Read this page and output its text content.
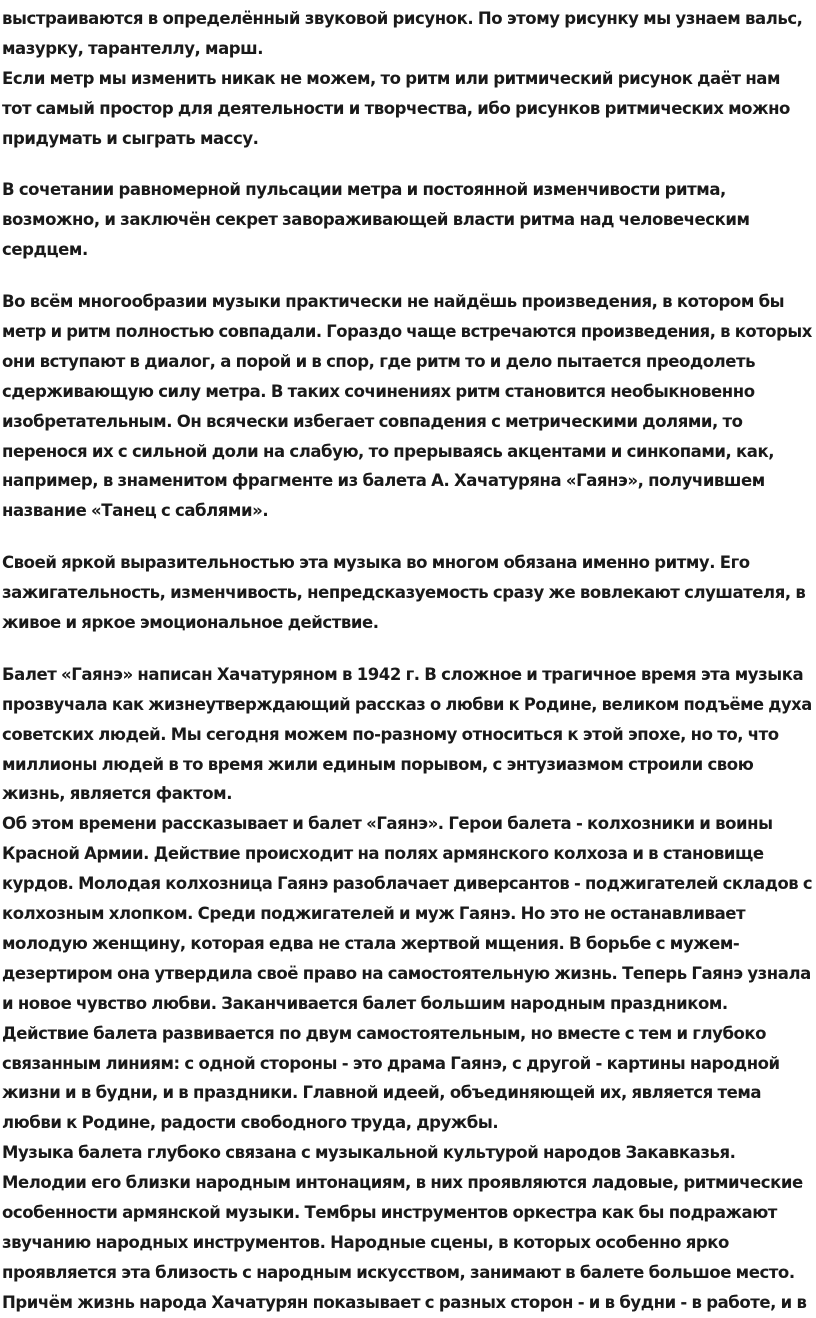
выстраиваются в определённый звуковой рисунок. По этому рисунку мы узнаем вальс,
мазурку, тарантеллу, марш.
Если метр мы изменить никак не можем, то ритм или ритмический рисунок даёт нам
тот самый простор для деятельности и творчества, ибо рисунков ритмических можно
придумать и сыграть массу.
В сочетании равномерной пульсации метра и постоянной изменчивости ритма,
возможно, и заключён секрет завораживающей власти ритма над человеческим
сердцем.
Во всём многообразии музыки практически не найдёшь произведения, в котором бы
метр и ритм полностью совпадали. Гораздо чаще встречаются произведения, в которых
они вступают в диалог, а порой и в спор, где ритм то и дело пытается преодолеть
сдерживающую силу метра. В таких сочинениях ритм становится необыкновенно
изобретательным. Он всячески избегает совпадения с метрическими долями, то
перенося их с сильной доли на слабую, то прерываясь акцентами и синкопами, как,
например, в знаменитом фрагменте из балета А. Хачатуряна «Гаянэ», получившем
название «Танец с саблями».
Своей яркой выразительностью эта музыка во многом обязана именно ритму. Его
зажигательность, изменчивость, непредсказуемость сразу же вовлекают слушателя, в
живое и яркое эмоциональное действие.
Балет «Гаянэ» написан Хачатуряном в 1942 г. В сложное и трагичное время эта музыка
прозвучала как жизнеутверждающий рассказ о любви к Родине, великом подъёме духа
советских людей. Мы сегодня можем по-разному относиться к этой эпохе, но то, что
миллионы людей в то время жили единым порывом, с энтузиазмом строили свою
жизнь, является фактом.
Об этом времени рассказывает и балет «Гаянэ». Герои балета - колхозники и воины
Красной Армии. Действие происходит на полях армянского колхоза и в становище
курдов. Молодая колхозница Гаянэ разоблачает диверсантов - поджигателей складов с
колхозным хлопком. Среди поджигателей и муж Гаянэ. Но это не останавливает
молодую женщину, которая едва не стала жертвой мщения. В борьбе с мужем-
дезертиром она утвердила своё право на самостоятельную жизнь. Теперь Гаянэ узнала
и новое чувство любви. Заканчивается балет большим народным праздником.
Действие балета развивается по двум самостоятельным, но вместе с тем и глубоко
связанным линиям: с одной стороны - это драма Гаянэ, с другой - картины народной
жизни и в будни, и в праздники. Главной идеей, объединяющей их, является тема
любви к Родине, радости свободного труда, дружбы.
Музыка балета глубоко связана с музыкальной культурой народов Закавказья.
Мелодии его близки народным интонациям, в них проявляются ладовые, ритмические
особенности армянской музыки. Тембры инструментов оркестра как бы подражают
звучанию народных инструментов. Народные сцены, в которых особенно ярко
проявляется эта близость с народным искусством, занимают в балете большое место.
Причём жизнь народа Хачатурян показывает с разных сторон - и в будни - в работе, и в
